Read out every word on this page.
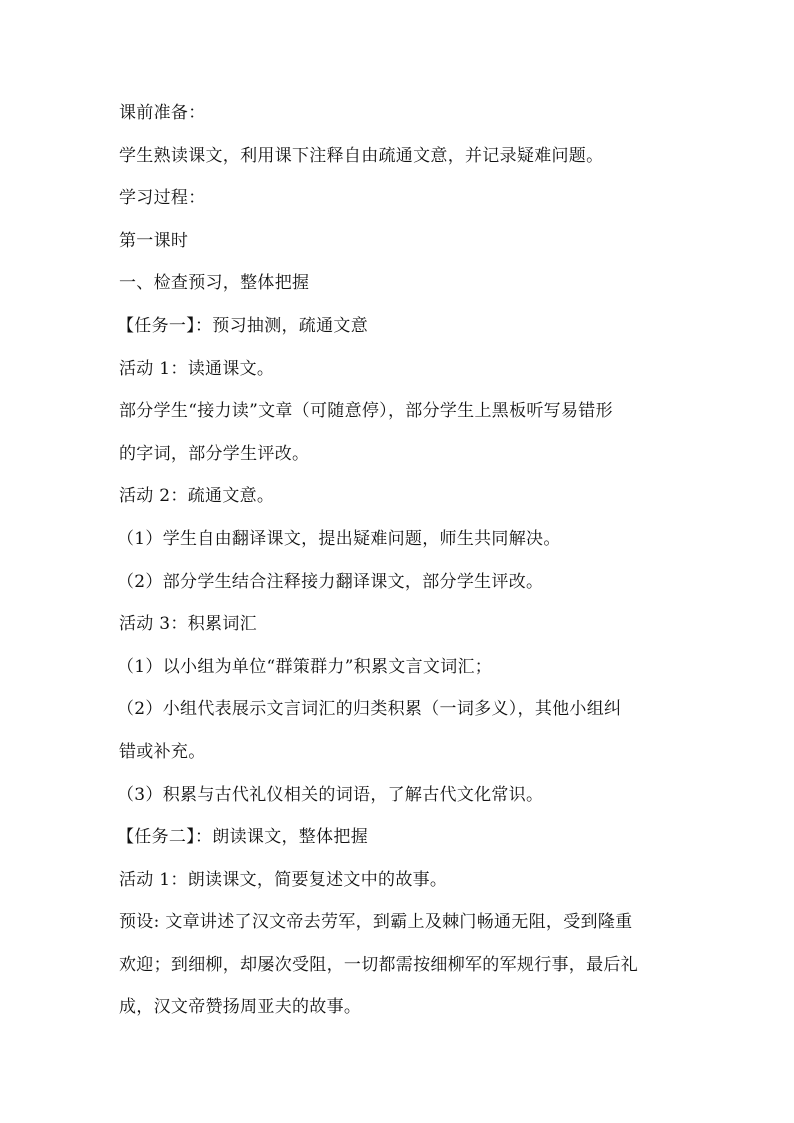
课前准备：
学生熟读课文，利用课下注释自由疏通文意，并记录疑难问题。
学习过程：
第一课时
一、检查预习，整体把握
【任务一】：预习抽测，疏通文意
活动 1：读通课文。
部分学生“接力读”文章（可随意停），部分学生上黑板听写易错形
的字词，部分学生评改。
活动 2：疏通文意。
（1）学生自由翻译课文，提出疑难问题，师生共同解决。
（2）部分学生结合注释接力翻译课文，部分学生评改。
活动 3：积累词汇
（1）以小组为单位“群策群力”积累文言文词汇；
（2）小组代表展示文言词汇的归类积累（一词多义），其他小组纠
错或补充。
（3）积累与古代礼仪相关的词语，了解古代文化常识。
【任务二】：朗读课文，整体把握
活动 1：朗读课文，简要复述文中的故事。
预设: 文章讲述了汉文帝去劳军，到霸上及棘门畅通无阻，受到隆重
欢迎；到细柳，却屡次受阻，一切都需按细柳军的军规行事，最后礼
成，汉文帝赞扬周亚夫的故事。
